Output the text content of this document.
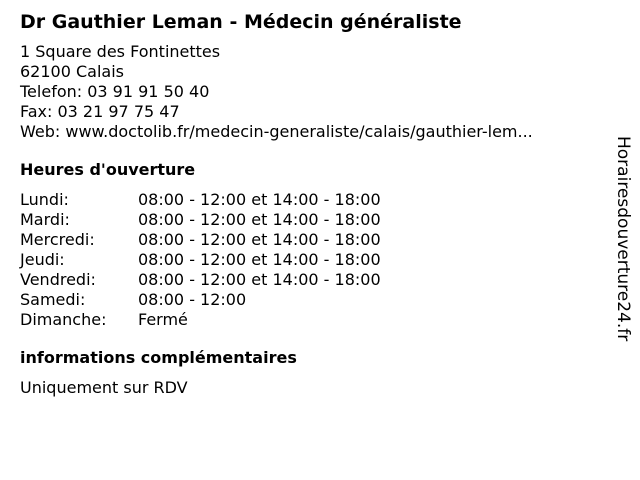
Dr Gauthier Leman - Médecin généraliste
1 Square des Fontinettes
62100 Calais
Telefon: 03 91 91 50 40
Fax: 03 21 97 75 47
Web: www.doctolib.fr/medecin-generaliste/calais/gauthier-lem...
Heures d'ouverture
Lundi:	08:00 - 12:00 et 14:00 - 18:00
Mardi:	08:00 - 12:00 et 14:00 - 18:00
Mercredi:	08:00 - 12:00 et 14:00 - 18:00
Jeudi:	08:00 - 12:00 et 14:00 - 18:00
Vendredi:	08:00 - 12:00 et 14:00 - 18:00
Samedi:	08:00 - 12:00
Dimanche:	Fermé
informations complémentaires
Uniquement sur RDV
Horairesdouverture24.fr
